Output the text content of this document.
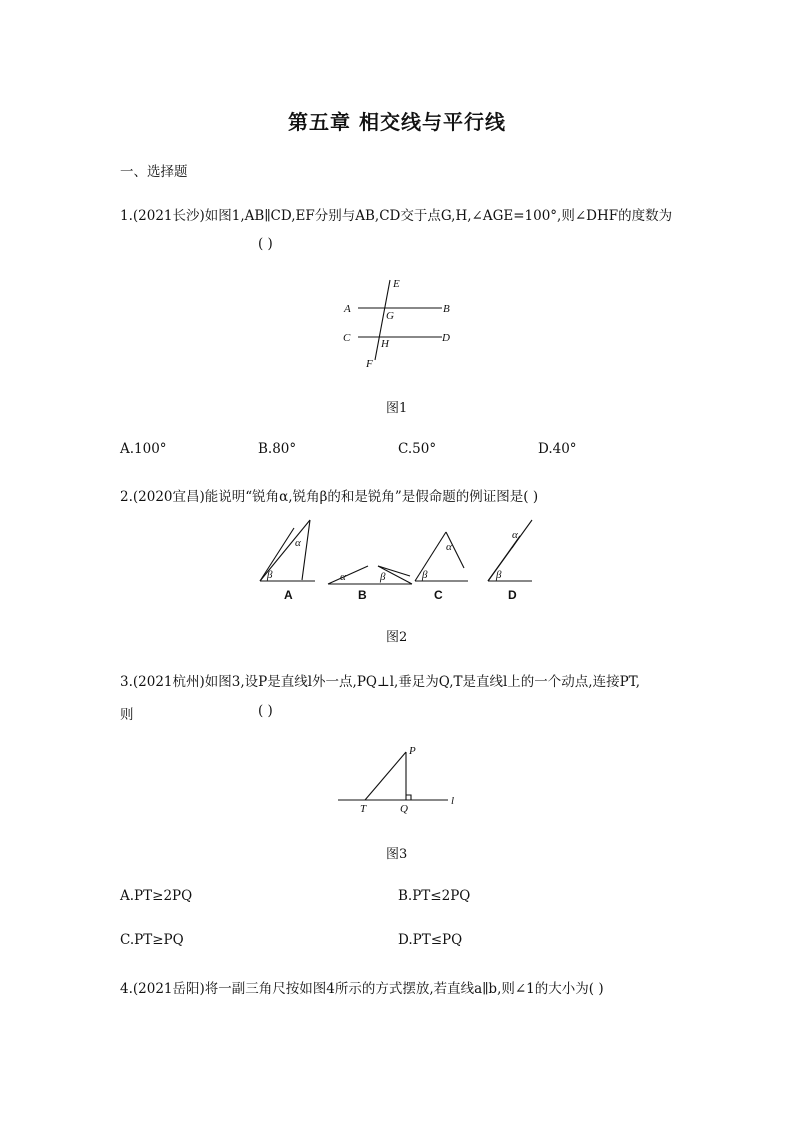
第五章 相交线与平行线
一、选择题
1.(2021长沙)如图1,AB∥CD,EF分别与AB,CD交于点G,H,∠AGE=100°,则∠DHF的度数为
( )
A	B
C	D
E
F
G
H
图1
A.100°	B.80°	C.50°	D.40°
2.(2020宜昌)能说明“锐角α,锐角β的和是锐角”是假命题的例证图是( )
α
β	α	β
α
β
α
β
A	B	C	D
图2
3.(2021杭州)如图3,设P是直线l外一点,PQ⊥l,垂足为Q,T是直线l上的一个动点,连接PT,
则	( )
P
T	Q
l
图3
A.PT≥2PQ	B.PT≤2PQ
C.PT≥PQ	D.PT≤PQ
4.(2021岳阳)将一副三角尺按如图4所示的方式摆放,若直线a∥b,则∠1的大小为( )
